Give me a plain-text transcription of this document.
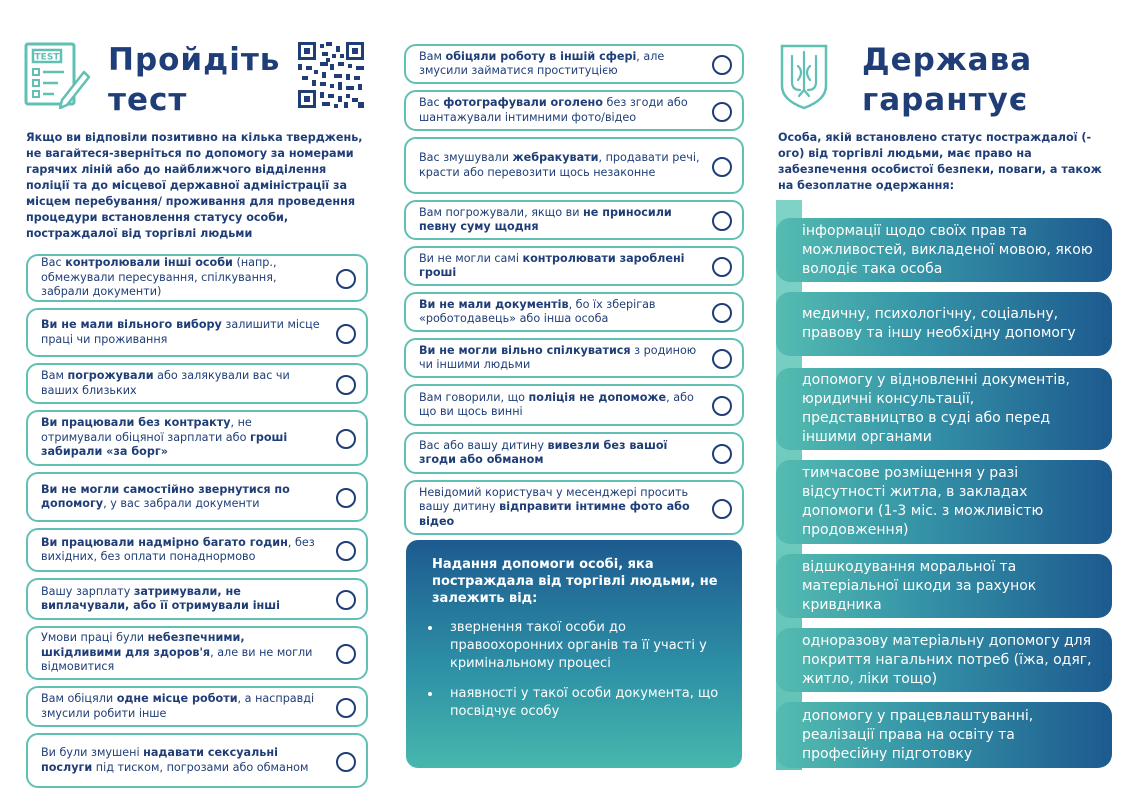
TEST Пройдіть
тест
Якщо ви відповіли позитивно на кілька тверджень, не вагайтеся-зверніться по допомогу за номерами гарячих ліній або до найближчого відділення поліції та до місцевої державної адміністрації за місцем перебування/ проживання для проведення процедури встановлення статусу особи, постраждалої від торгівлі людьми
Вас контролювали інші особи (напр., обмежували пересування, спілкування, забрали документи)
Ви не мали вільного вибору залишити місце праці чи проживання
Вам погрожували або залякували вас чи ваших близьких
Ви працювали без контракту, не отримували обіцяної зарплати або гроші забирали «за борг»
Ви не могли самостійно звернутися по допомогу, у вас забрали документи
Ви працювали надмірно багато годин, без вихідних, без оплати понаднормово
Вашу зарплату затримували, не виплачували, або її отримували інші
Умови праці були небезпечними, шкідливими для здоров'я, але ви не могли відмовитися
Вам обіцяли одне місце роботи, а насправді змусили робити інше
Ви були змушені надавати сексуальні послуги під тиском, погрозами або обманом
Вам обіцяли роботу в іншій сфері, але змусили займатися проституцією
Вас фотографували оголено без згоди або шантажували інтимними фото/відео
Вас змушували жебракувати, продавати речі, красти або перевозити щось незаконне
Вам погрожували, якщо ви не приносили певну суму щодня
Ви не могли самі контролювати зароблені гроші
Ви не мали документів, бо їх зберігав «роботодавець» або інша особа
Ви не могли вільно спілкуватися з родиною чи іншими людьми
Вам говорили, що поліція не допоможе, або що ви щось винні
Вас або вашу дитину вивезли без вашої згоди або обманом
Невідомий користувач у месенджері просить вашу дитину відправити інтимне фото або відео
Надання допомоги особі, яка постраждала від торгівлі людьми, не залежить від:
звернення такої особи до правоохоронних органів та її участі у кримінальному процесі
наявності у такої особи документа, що посвідчує особу
Держава
гарантує
Особа, якій встановлено статус постраждалої (-ого) від торгівлі людьми, має право на забезпечення особистої безпеки, поваги, а також на безоплатне одержання:
інформації щодо своїх прав та можливостей, викладеної мовою, якою володіє така особа
медичну, психологічну, соціальну, правову та іншу необхідну допомогу
допомогу у відновленні документів, юридичні консультації, представництво в суді або перед іншими органами
тимчасове розміщення у разі відсутності житла, в закладах допомоги (1-3 міс. з можливістю продовження)
відшкодування моральної та матеріальної шкоди за рахунок кривдника
одноразову матеріальну допомогу для покриття нагальних потреб (їжа, одяг, житло, ліки тощо)
допомогу у працевлаштуванні, реалізації права на освіту та професійну підготовку
